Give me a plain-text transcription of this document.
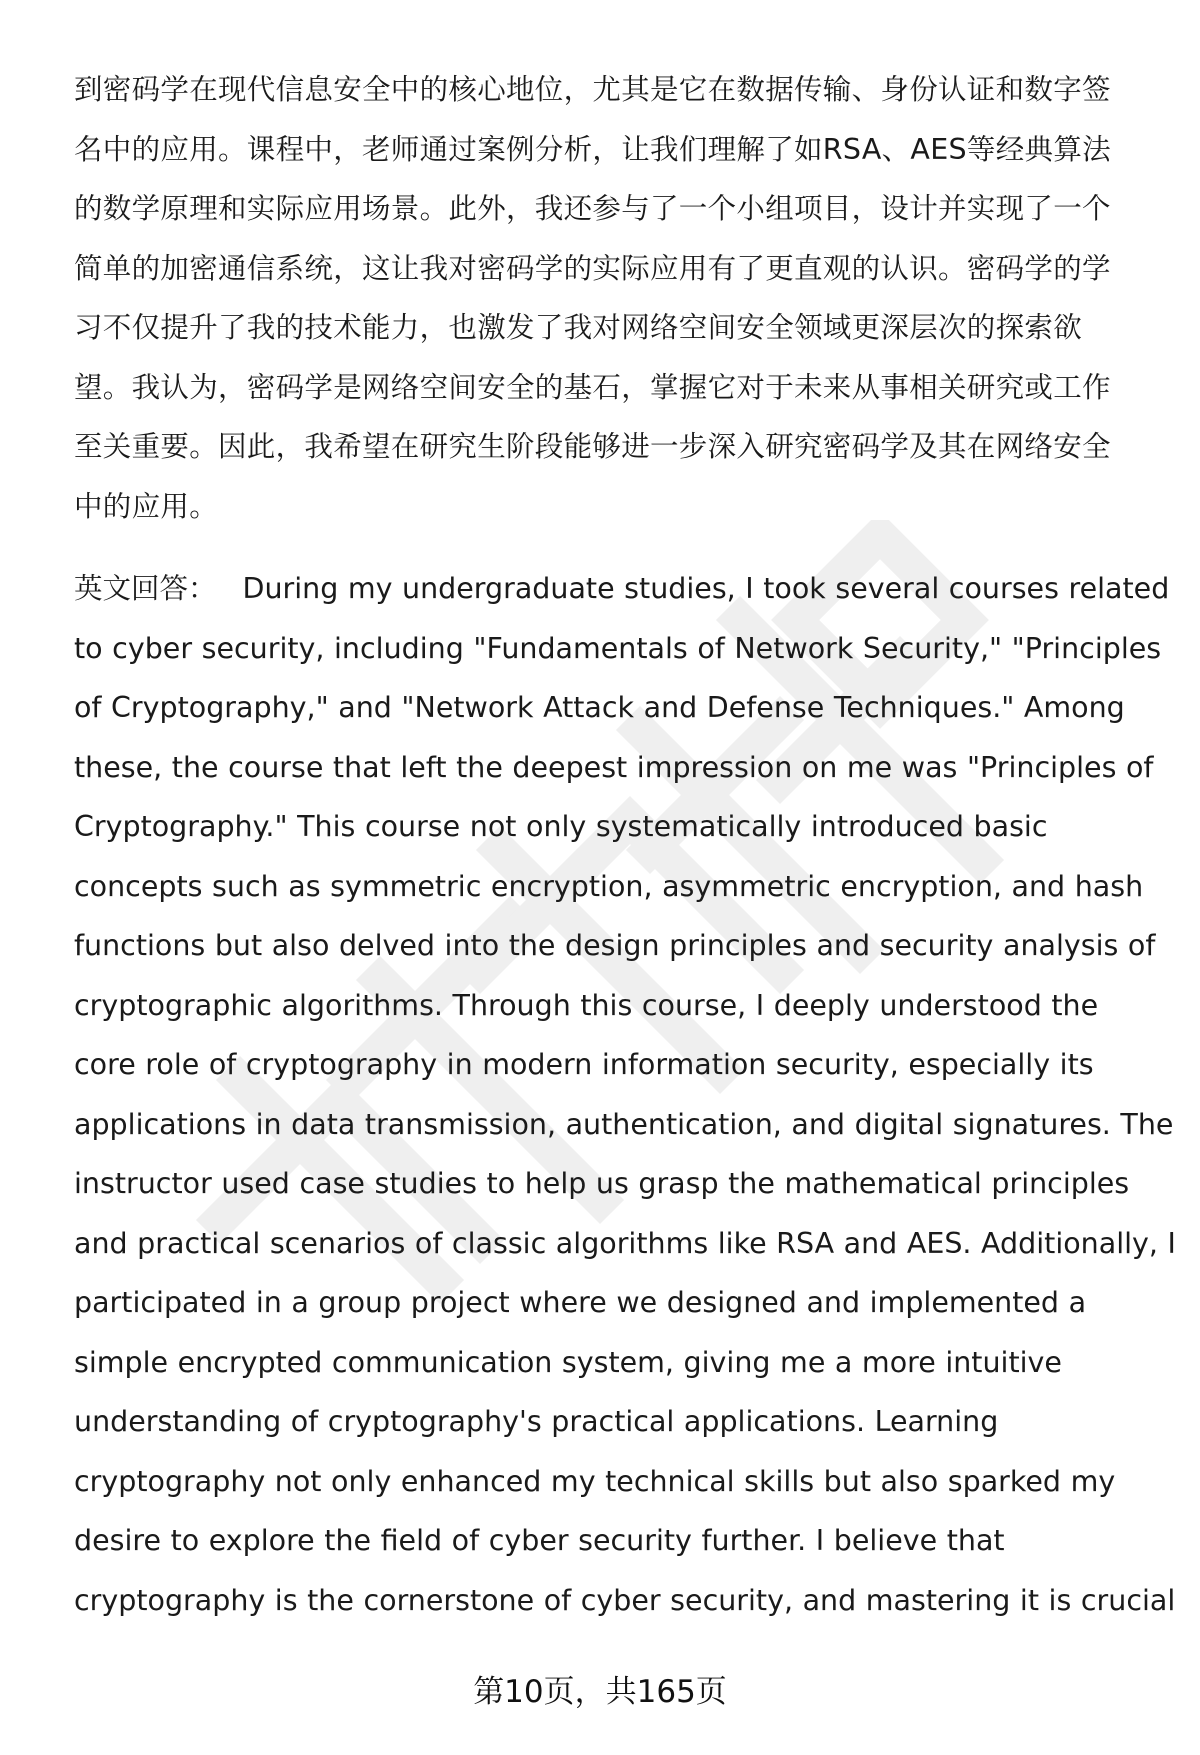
到密码学在现代信息安全中的核心地位，尤其是它在数据传输、身份认证和数字签
名中的应用。课程中，老师通过案例分析，让我们理解了如RSA、AES等经典算法
的数学原理和实际应用场景。此外，我还参与了一个小组项目，设计并实现了一个
简单的加密通信系统，这让我对密码学的实际应用有了更直观的认识。密码学的学
习不仅提升了我的技术能力，也激发了我对网络空间安全领域更深层次的探索欲
望。我认为，密码学是网络空间安全的基石，掌握它对于未来从事相关研究或工作
至关重要。因此，我希望在研究生阶段能够进一步深入研究密码学及其在网络安全
中的应用。

英文回答： During my undergraduate studies, I took several courses related
to cyber security, including "Fundamentals of Network Security," "Principles
of Cryptography," and "Network Attack and Defense Techniques." Among
these, the course that left the deepest impression on me was "Principles of
Cryptography." This course not only systematically introduced basic
concepts such as symmetric encryption, asymmetric encryption, and hash
functions but also delved into the design principles and security analysis of
cryptographic algorithms. Through this course, I deeply understood the
core role of cryptography in modern information security, especially its
applications in data transmission, authentication, and digital signatures. The
instructor used case studies to help us grasp the mathematical principles
and practical scenarios of classic algorithms like RSA and AES. Additionally, I
participated in a group project where we designed and implemented a
simple encrypted communication system, giving me a more intuitive
understanding of cryptography's practical applications. Learning
cryptography not only enhanced my technical skills but also sparked my
desire to explore the field of cyber security further. I believe that
cryptography is the cornerstone of cyber security, and mastering it is crucial

第10页，共165页
